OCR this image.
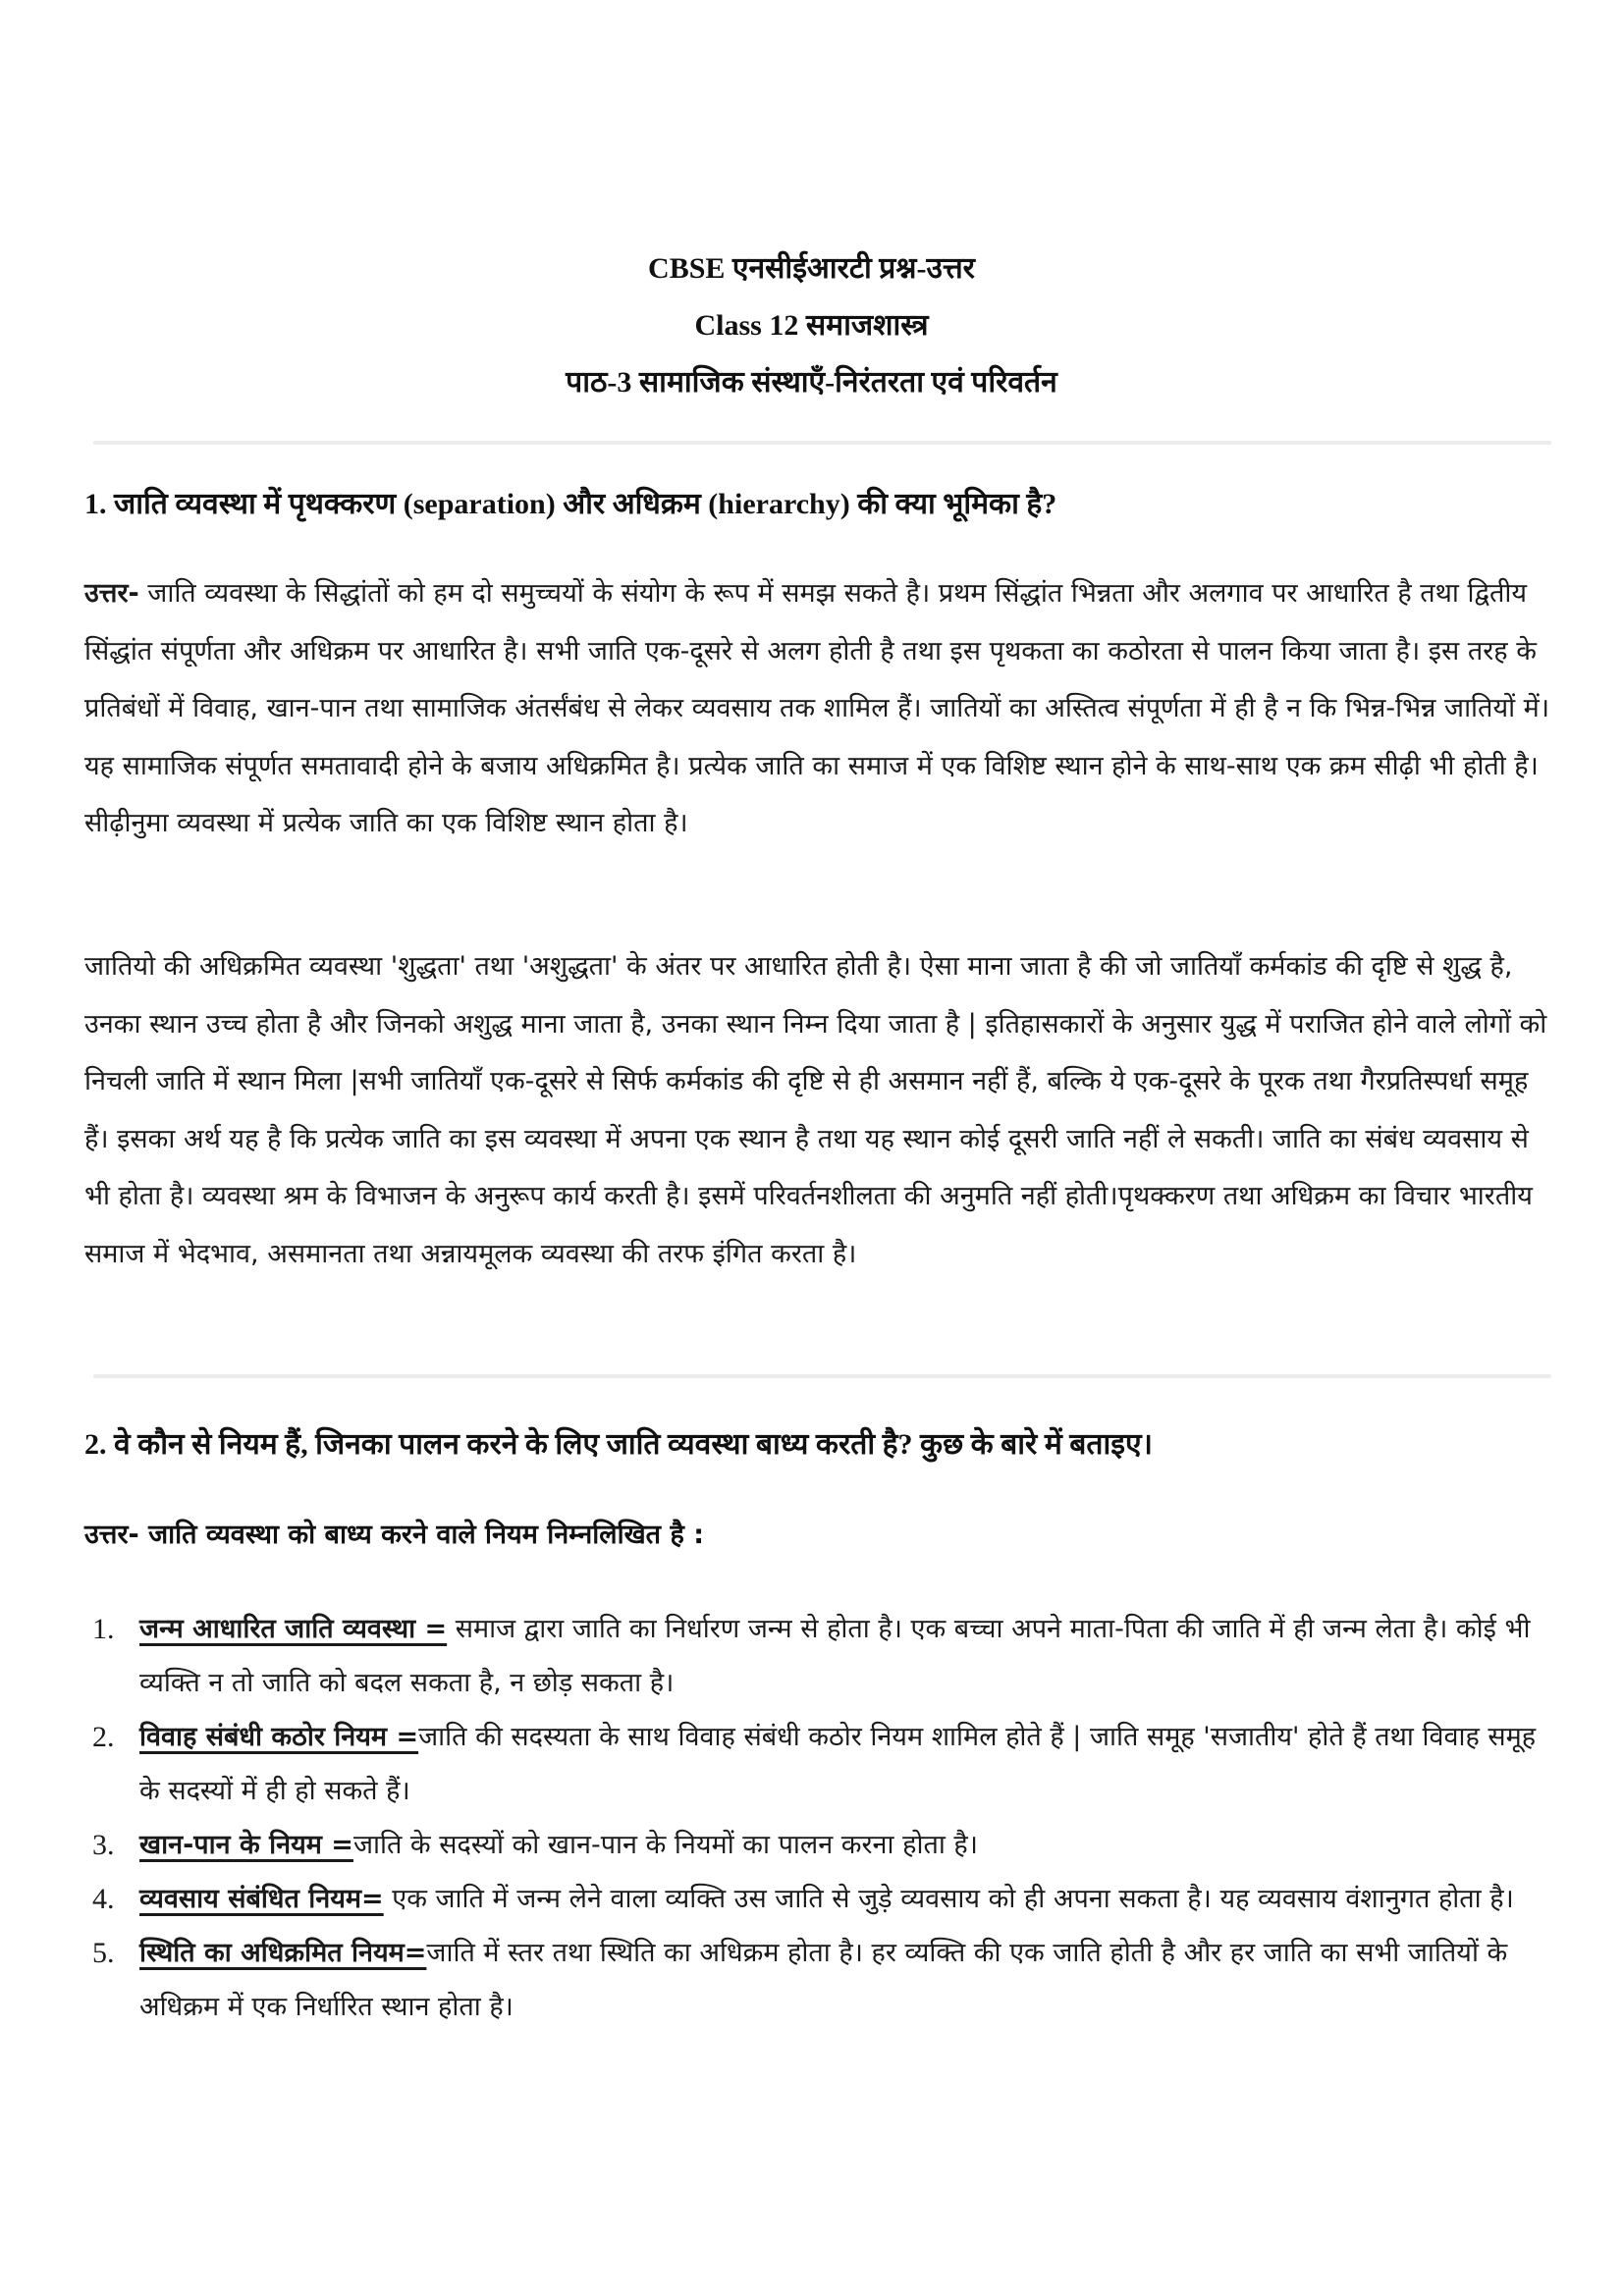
CBSE एनसीईआरटी प्रश्न-उत्तर
Class 12 समाजशास्त्र
पाठ-3 सामाजिक संस्थाएँ-निरंतरता एवं परिवर्तन
1. जाति व्यवस्था में पृथक्करण (separation) और अधिक्रम (hierarchy) की क्या भूमिका है?

उत्तर- जाति व्यवस्था के सिद्धांतों को हम दो समुच्चयों के संयोग के रूप में समझ सकते है। प्रथम सिंद्धांत भिन्नता और अलगाव पर आधारित है तथा द्वितीय सिंद्धांत संपूर्णता और अधिक्रम पर आधारित है। सभी जाति एक-दूसरे से अलग होती है तथा इस पृथकता का कठोरता से पालन किया जाता है। इस तरह के प्रतिबंधों में विवाह, खान-पान तथा सामाजिक अंतर्संबंध से लेकर व्यवसाय तक शामिल हैं। जातियों का अस्तित्व संपूर्णता में ही है न कि भिन्न-भिन्न जातियों में। यह सामाजिक संपूर्णत समतावादी होने के बजाय अधिक्रमित है। प्रत्येक जाति का समाज में एक विशिष्ट स्थान होने के साथ-साथ एक क्रम सीढ़ी भी होती है। सीढ़ीनुमा व्यवस्था में प्रत्येक जाति का एक विशिष्ट स्थान होता है।

जातियो की अधिक्रमित व्यवस्था 'शुद्धता' तथा 'अशुद्धता' के अंतर पर आधारित होती है। ऐसा माना जाता है की जो जातियाँ कर्मकांड की दृष्टि से शुद्ध है, उनका स्थान उच्च होता है और जिनको अशुद्ध माना जाता है, उनका स्थान निम्न दिया जाता है | इतिहासकारों के अनुसार युद्ध में पराजित होने वाले लोगों को निचली जाति में स्थान मिला |सभी जातियाँ एक-दूसरे से सिर्फ कर्मकांड की दृष्टि से ही असमान नहीं हैं, बल्कि ये एक-दूसरे के पूरक तथा गैरप्रतिस्पर्धा समूह हैं। इसका अर्थ यह है कि प्रत्येक जाति का इस व्यवस्था में अपना एक स्थान है तथा यह स्थान कोई दूसरी जाति नहीं ले सकती। जाति का संबंध व्यवसाय से भी होता है। व्यवस्था श्रम के विभाजन के अनुरूप कार्य करती है। इसमें परिवर्तनशीलता की अनुमति नहीं होती।पृथक्करण तथा अधिक्रम का विचार भारतीय समाज में भेदभाव, असमानता तथा अन्नायमूलक व्यवस्था की तरफ इंगित करता है।

2. वे कौन से नियम हैं, जिनका पालन करने के लिए जाति व्यवस्था बाध्य करती है? कुछ के बारे में बताइए।
उत्तर- जाति व्यवस्था को बाध्य करने वाले नियम निम्नलिखित है :
1. जन्म आधारित जाति व्यवस्था = समाज द्वारा जाति का निर्धारण जन्म से होता है। एक बच्चा अपने माता-पिता की जाति में ही जन्म लेता है। कोई भी व्यक्ति न तो जाति को बदल सकता है, न छोड़ सकता है।
2. विवाह संबंधी कठोर नियम =जाति की सदस्यता के साथ विवाह संबंधी कठोर नियम शामिल होते हैं | जाति समूह 'सजातीय' होते हैं तथा विवाह समूह के सदस्यों में ही हो सकते हैं।
3. खान-पान के नियम =जाति के सदस्यों को खान-पान के नियमों का पालन करना होता है।
4. व्यवसाय संबंधित नियम= एक जाति में जन्म लेने वाला व्यक्ति उस जाति से जुड़े व्यवसाय को ही अपना सकता है। यह व्यवसाय वंशानुगत होता है।
5. स्थिति का अधिक्रमित नियम=जाति में स्तर तथा स्थिति का अधिक्रम होता है। हर व्यक्ति की एक जाति होती है और हर जाति का सभी जातियों के अधिक्रम में एक निर्धारित स्थान होता है।
